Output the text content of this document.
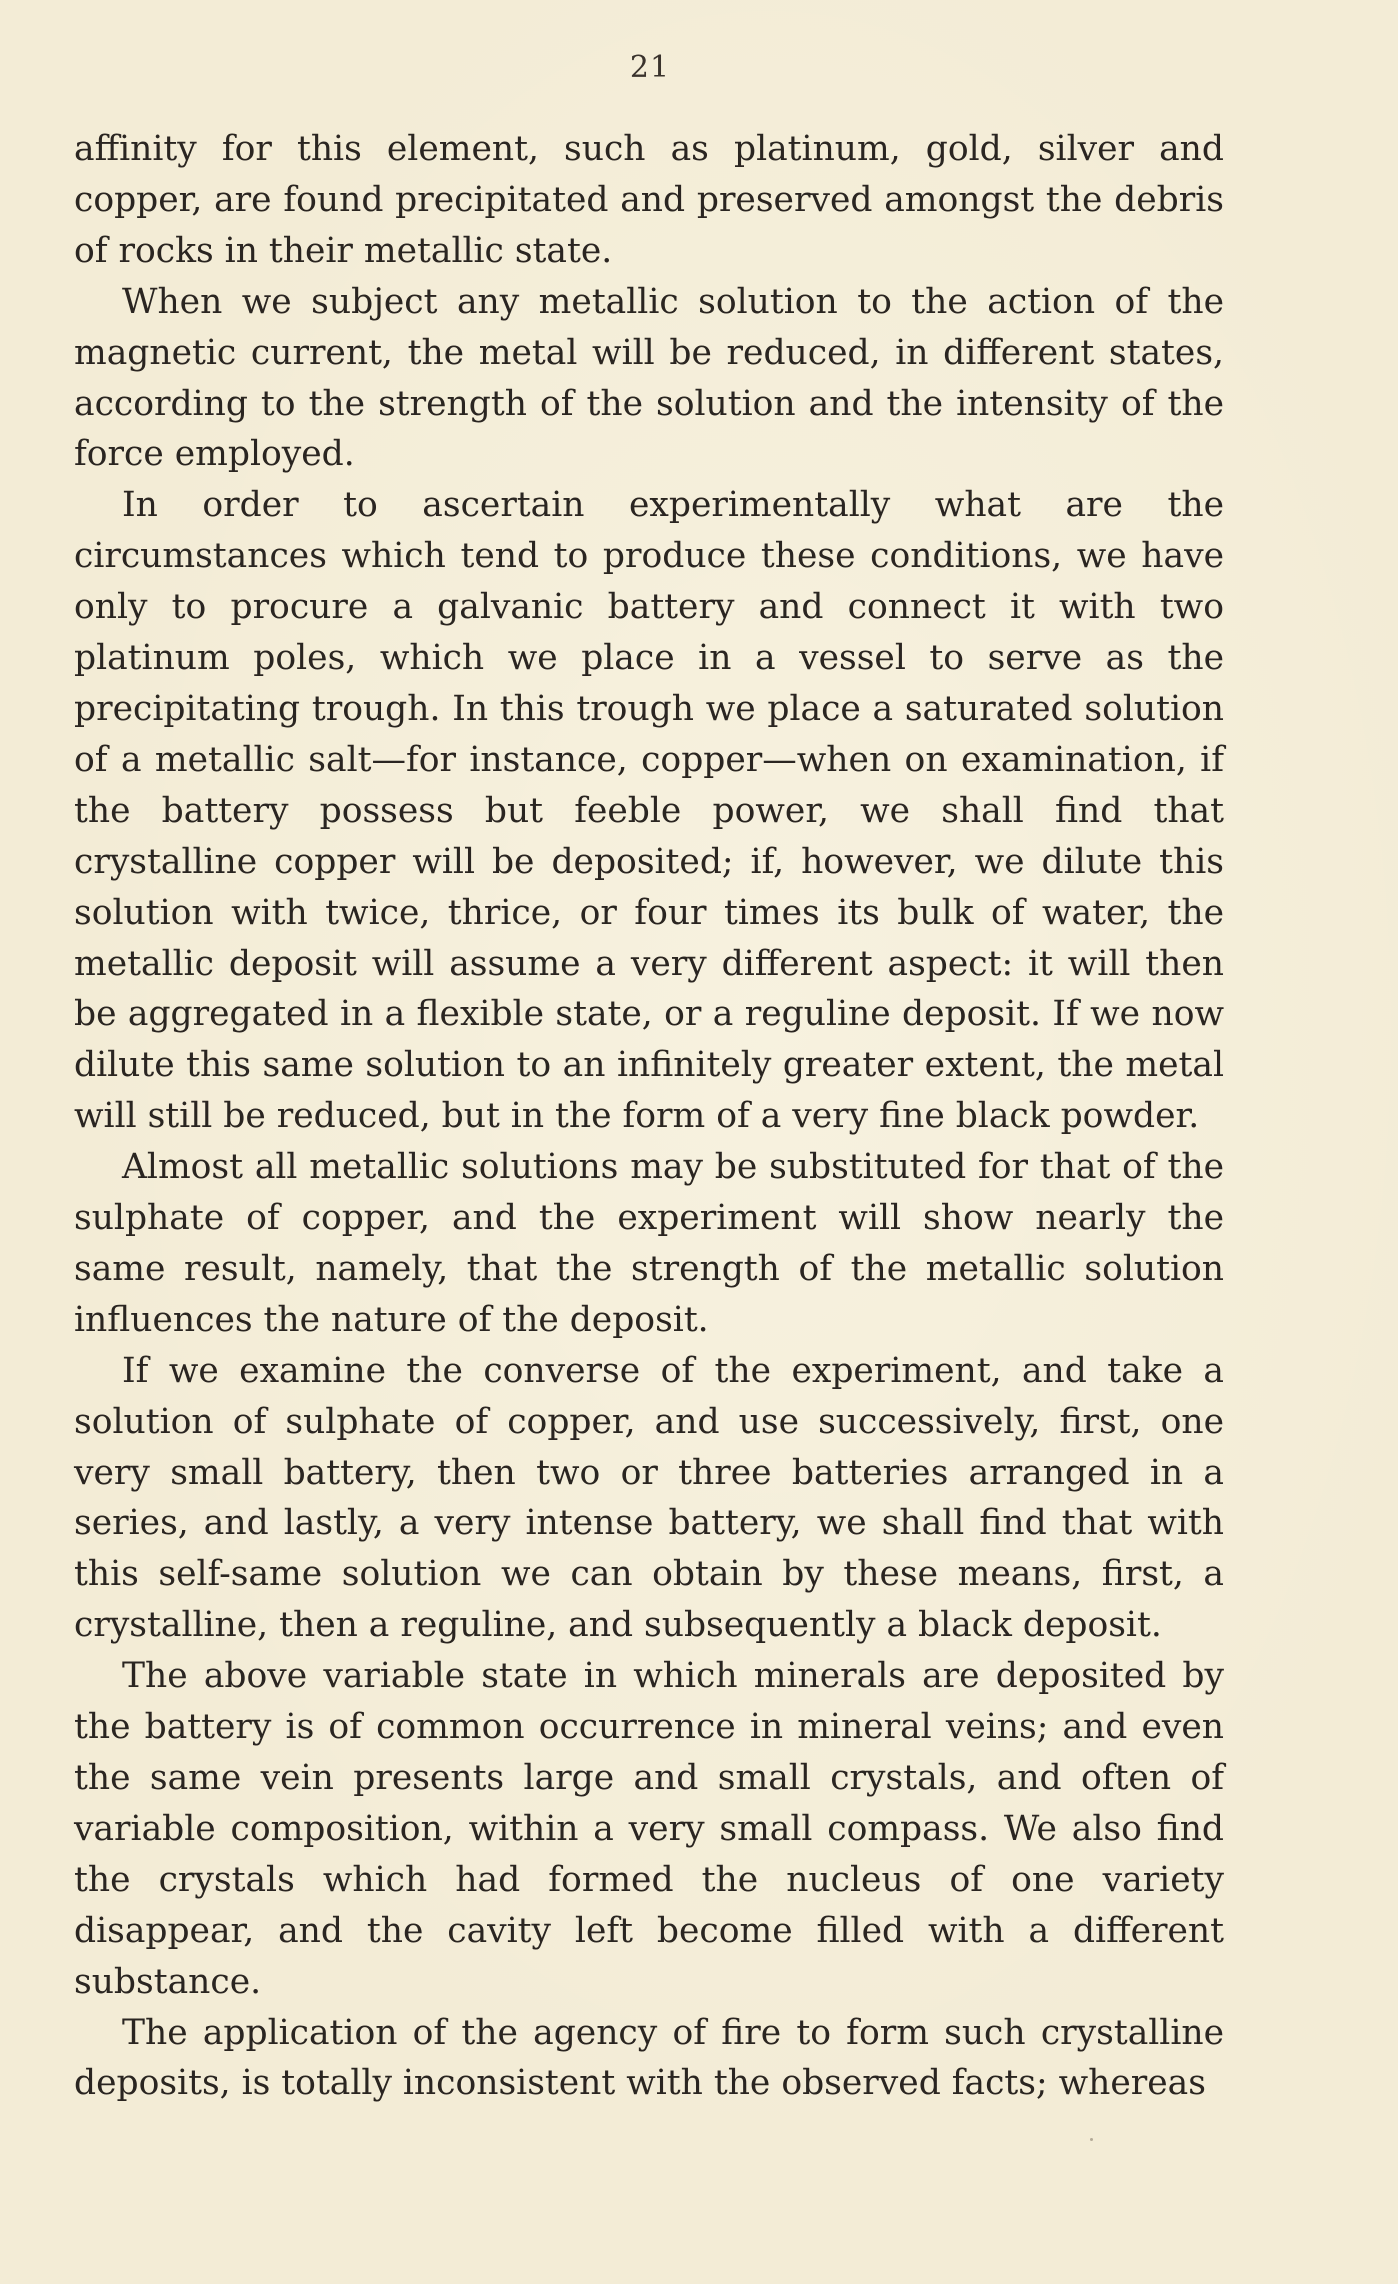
21

affinity for this element, such as platinum, gold, silver and copper, are found precipitated and preserved amongst the debris of rocks in their metallic state.

When we subject any metallic solution to the action of the magnetic current, the metal will be reduced, in different states, according to the strength of the solution and the intensity of the force employed.

In order to ascertain experimentally what are the circumstances which tend to produce these conditions, we have only to procure a galvanic battery and connect it with two platinum poles, which we place in a vessel to serve as the precipitating trough. In this trough we place a saturated solution of a metallic salt—for instance, copper—when on examination, if the battery possess but feeble power, we shall find that crystalline copper will be deposited; if, however, we dilute this solution with twice, thrice, or four times its bulk of water, the metallic deposit will assume a very different aspect: it will then be aggregated in a flexible state, or a reguline deposit. If we now dilute this same solution to an infinitely greater extent, the metal will still be reduced, but in the form of a very fine black powder.

Almost all metallic solutions may be substituted for that of the sulphate of copper, and the experiment will show nearly the same result, namely, that the strength of the metallic solution influences the nature of the deposit.

If we examine the converse of the experiment, and take a solution of sulphate of copper, and use successively, first, one very small battery, then two or three batteries arranged in a series, and lastly, a very intense battery, we shall find that with this self-same solution we can obtain by these means, first, a crystalline, then a reguline, and subsequently a black deposit.

The above variable state in which minerals are deposited by the battery is of common occurrence in mineral veins; and even the same vein presents large and small crystals, and often of variable composition, within a very small compass. We also find the crystals which had formed the nucleus of one variety disappear, and the cavity left become filled with a different substance.

The application of the agency of fire to form such crystalline deposits, is totally inconsistent with the observed facts; whereas
